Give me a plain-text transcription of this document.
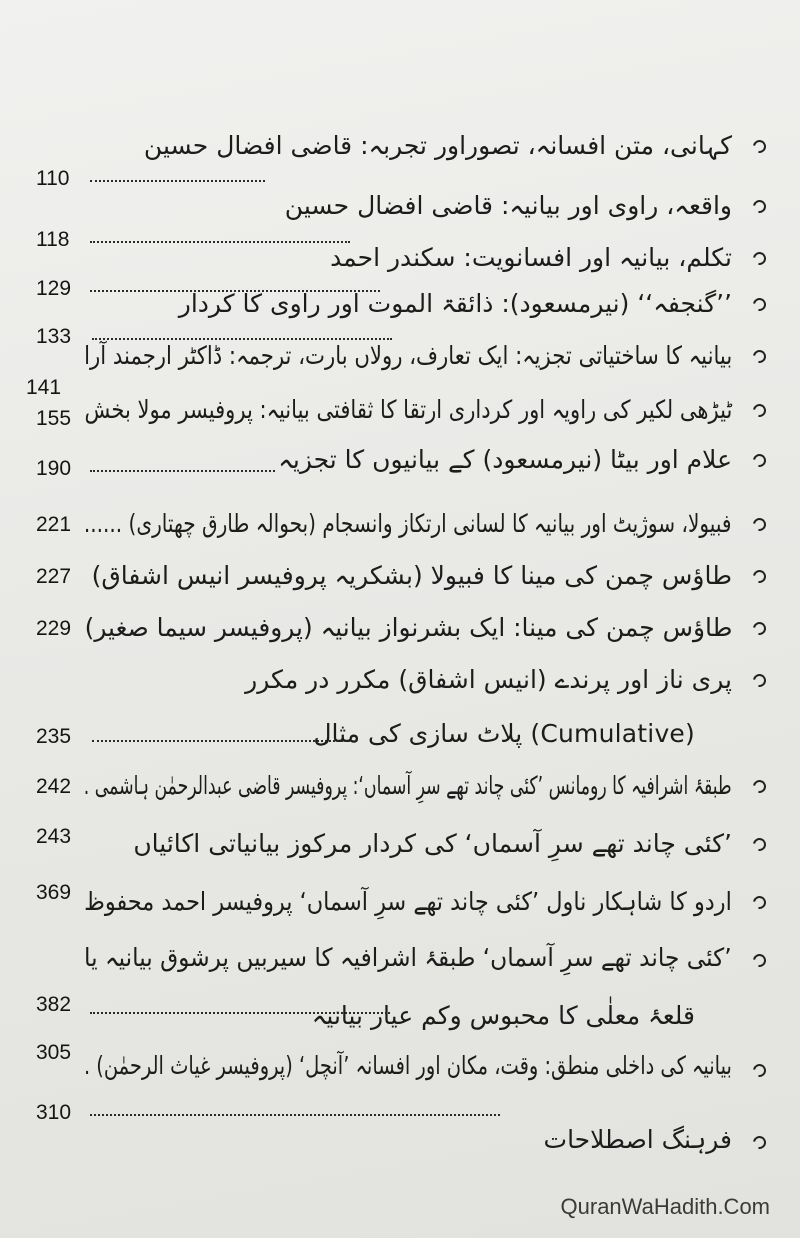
کہانی، متن افسانہ، تصوراور تجربہ: قاضی افضال حسین
110
واقعہ، راوی اور بیانیہ: قاضی افضال حسین
118
تکلم، بیانیہ اور افسانویت: سکندر احمد
129
’’گنجفہ‘‘ (نیرمسعود): ذائقۃ الموت اور راوی کا کردار
133
بیانیہ کا ساختیاتی تجزیہ: ایک تعارف، رولاں بارت، ترجمہ: ڈاکٹر ارجمند آرا
141
ٹیڑھی لکیر کی راویہ اور کرداری ارتقا کا ثقافتی بیانیہ: پروفیسر مولا بخش
155
علام اور بیٹا (نیرمسعود) کے بیانیوں کا تجزیہ
190
فبیولا، سوژیٹ اور بیانیہ کا لسانی ارتکاز وانسجام (بحوالہ طارق چھتاری) ......
221
طاؤس چمن کی مینا کا فبیولا (بشکریہ پروفیسر انیس اشفاق)
227
طاؤس چمن کی مینا: ایک بشرنواز بیانیہ (پروفیسر سیما صغیر)
229
پری ناز اور پرندے (انیس اشفاق) مکرر در مکرر
(Cumulative) پلاٹ سازی کی مثال
235
طبقۂ اشرافیہ کا رومانس ’کئی چاند تھے سرِ آسماں‘: پروفیسر قاضی عبدالرحمٰن ہاشمی .
242
’کئی چاند تھے سرِ آسماں‘ کی کردار مرکوز بیانیاتی اکائیاں
243
اردو کا شاہکار ناول ’کئی چاند تھے سرِ آسماں‘ پروفیسر احمد محفوظ
369
’کئی چاند تھے سرِ آسماں‘ طبقۂ اشرافیہ کا سیربیں پرشوق بیانیہ یا
قلعۂ معلٰی کا محبوس وکم عیار بیانیہ
382
بیانیہ کی داخلی منطق: وقت، مکان اور افسانہ ’آنچل‘ (پروفیسر غیاث الرحمٰن) .
305
فرہنگ اصطلاحات
310
QuranWaHadith.Com
